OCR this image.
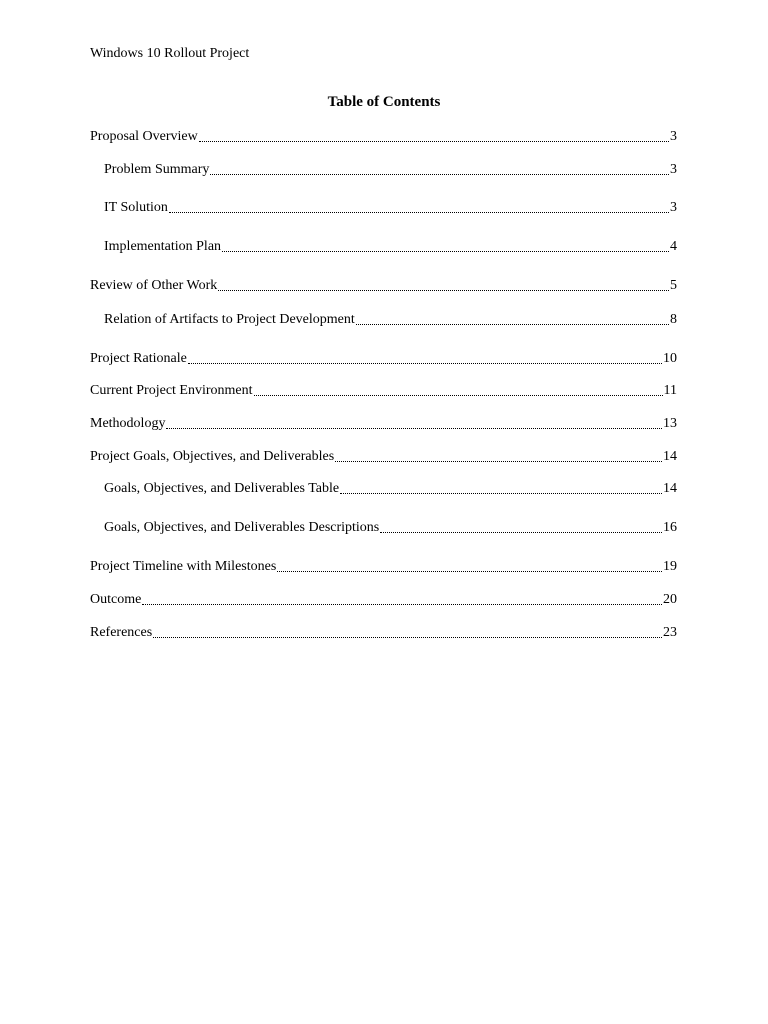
Windows 10 Rollout Project
Table of Contents
Proposal Overview	3
Problem Summary	3
IT Solution	3
Implementation Plan	4
Review of Other Work	5
Relation of Artifacts to Project Development	8
Project Rationale	10
Current Project Environment	11
Methodology	13
Project Goals, Objectives, and Deliverables	14
Goals, Objectives, and Deliverables Table	14
Goals, Objectives, and Deliverables Descriptions	16
Project Timeline with Milestones	19
Outcome	20
References	23
